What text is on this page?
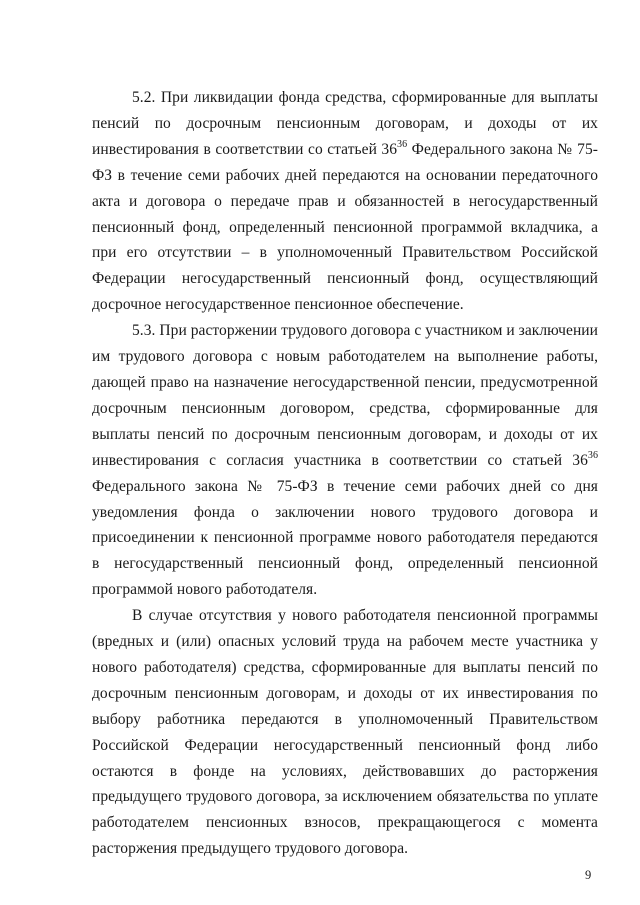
5.2. При ликвидации фонда средства, сформированные для выплаты пенсий по досрочным пенсионным договорам, и доходы от их инвестирования в соответствии со статьей $36^{36}$ Федерального закона № 75-ФЗ в течение семи рабочих дней передаются на основании передаточного акта и договора о передаче прав и обязанностей в негосударственный пенсионный фонд, определенный пенсионной программой вкладчика, а при его отсутствии – в уполномоченный Правительством Российской Федерации негосударственный пенсионный фонд, осуществляющий досрочное негосударственное пенсионное обеспечение.

5.3. При расторжении трудового договора с участником и заключении им трудового договора с новым работодателем на выполнение работы, дающей право на назначение негосударственной пенсии, предусмотренной досрочным пенсионным договором, средства, сформированные для выплаты пенсий по досрочным пенсионным договорам, и доходы от их инвестирования с согласия участника в соответствии со статьей $36^{36}$ Федерального закона № 75-ФЗ в течение семи рабочих дней со дня уведомления фонда о заключении нового трудового договора и присоединении к пенсионной программе нового работодателя передаются в негосударственный пенсионный фонд, определенный пенсионной программой нового работодателя.

В случае отсутствия у нового работодателя пенсионной программы (вредных и (или) опасных условий труда на рабочем месте участника у нового работодателя) средства, сформированные для выплаты пенсий по досрочным пенсионным договорам, и доходы от их инвестирования по выбору работника передаются в уполномоченный Правительством Российской Федерации негосударственный пенсионный фонд либо остаются в фонде на условиях, действовавших до расторжения предыдущего трудового договора, за исключением обязательства по уплате работодателем пенсионных взносов, прекращающегося с момента расторжения предыдущего трудового договора.

9
